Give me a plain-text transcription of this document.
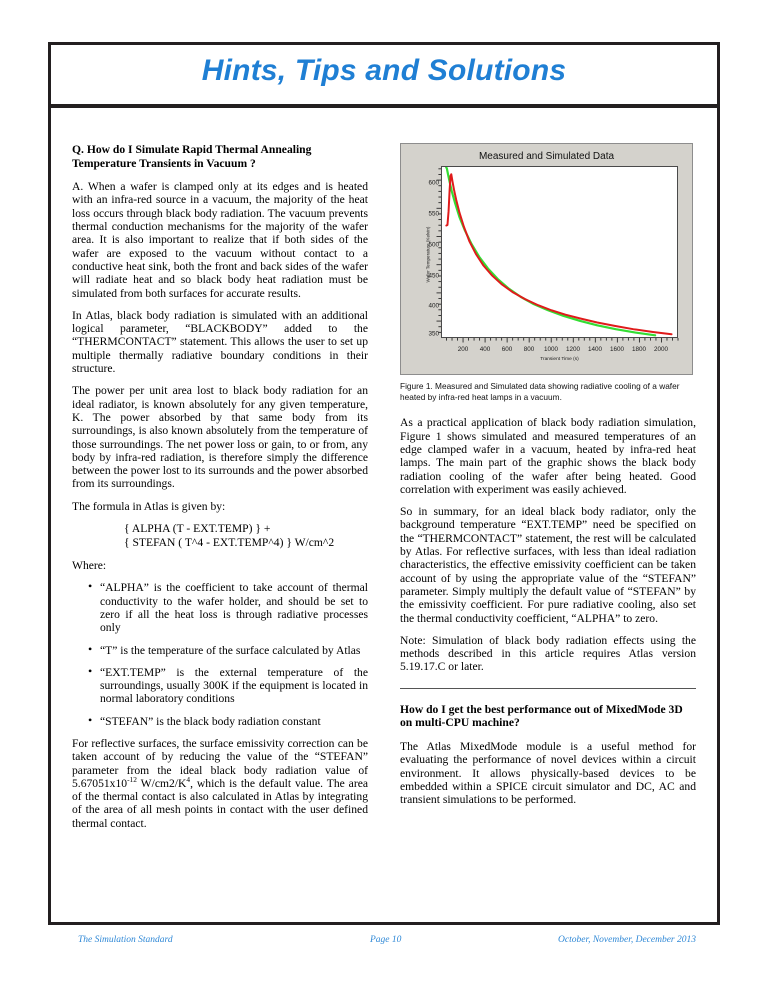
Hints, Tips and Solutions

Q. How do I Simulate Rapid Thermal Annealing Temperature Transients in Vacuum ?

A. When a wafer is clamped only at its edges and is heated with an infra-red source in a vacuum, the majority of the heat loss occurs through black body radiation. The vacuum prevents thermal conduction mechanisms for the majority of the wafer area. It is also important to realize that if both sides of the wafer are exposed to the vacuum without contact to a conductive heat sink, both the front and back sides of the wafer will radiate heat and so black body heat radiation must be simulated from both surfaces for accurate results.

In Atlas, black body radiation is simulated with an additional logical parameter, “BLACKBODY” added to the “THERMCONTACT” statement. This allows the user to set up multiple thermally radiative boundary conditions in their structure.

The power per unit area lost to black body radiation for an ideal radiator, is known absolutely for any given temperature, K. The power absorbed by that same body from its surroundings, is also known absolutely from the temperature of those surroundings. The net power loss or gain, to or from, any body by infra-red radiation, is therefore simply the difference between the power lost to its surrounds and the power absorbed from its surroundings.

The formula in Atlas is given by:

{ ALPHA (T - EXT.TEMP) } +
{ STEFAN ( T^4 - EXT.TEMP^4) } W/cm^2

Where:

• “ALPHA” is the coefficient to take account of thermal conductivity to the wafer holder, and should be set to zero if all the heat loss is through radiative processes only
• “T” is the temperature of the surface calculated by Atlas
• “EXT.TEMP” is the external temperature of the surroundings, usually 300K if the equipment is located in normal laboratory conditions
• “STEFAN” is the black body radiation constant

For reflective surfaces, the surface emissivity correction can be taken account of by reducing the value of the “STEFAN” parameter from the ideal black body radiation value of $5.67051x10^{-12}$ $W/cm2/K^4$, which is the default value. The area of the thermal contact is also calculated in Atlas by integrating of the area of all mesh points in contact with the user defined thermal contact.

Measured and Simulated Data
600
550
500
450
400
350
Wafer Temperature (Kelvin)
200 400 600 800 1000 1200 1400 1600 1800 2000
Transient Time (s)
Figure 1. Measured and Simulated data showing radiative cooling of a wafer heated by infra-red heat lamps in a vacuum.

As a practical application of black body radiation simulation, Figure 1 shows simulated and measured temperatures of an edge clamped wafer in a vacuum, heated by infra-red heat lamps. The main part of the graphic shows the black body radiation cooling of the wafer after being heated. Good correlation with experiment was easily achieved.

So in summary, for an ideal black body radiator, only the background temperature “EXT.TEMP” need be specified on the “THERMCONTACT” statement, the rest will be calculated by Atlas. For reflective surfaces, with less than ideal radiation characteristics, the effective emissivity coefficient can be taken account of by using the appropriate value of the “STEFAN” parameter. Simply multiply the default value of “STEFAN” by the emissivity coefficient. For pure radiative cooling, also set the thermal conductivity coefficient, “ALPHA” to zero.

Note: Simulation of black body radiation effects using the methods described in this article requires Atlas version 5.19.17.C or later.

How do I get the best performance out of MixedMode 3D on multi-CPU machine?

The Atlas MixedMode module is a useful method for evaluating the performance of novel devices within a circuit environment. It allows physically-based devices to be embedded within a SPICE circuit simulator and DC, AC and transient simulations to be performed.

The Simulation Standard	Page 10	October, November, December 2013
